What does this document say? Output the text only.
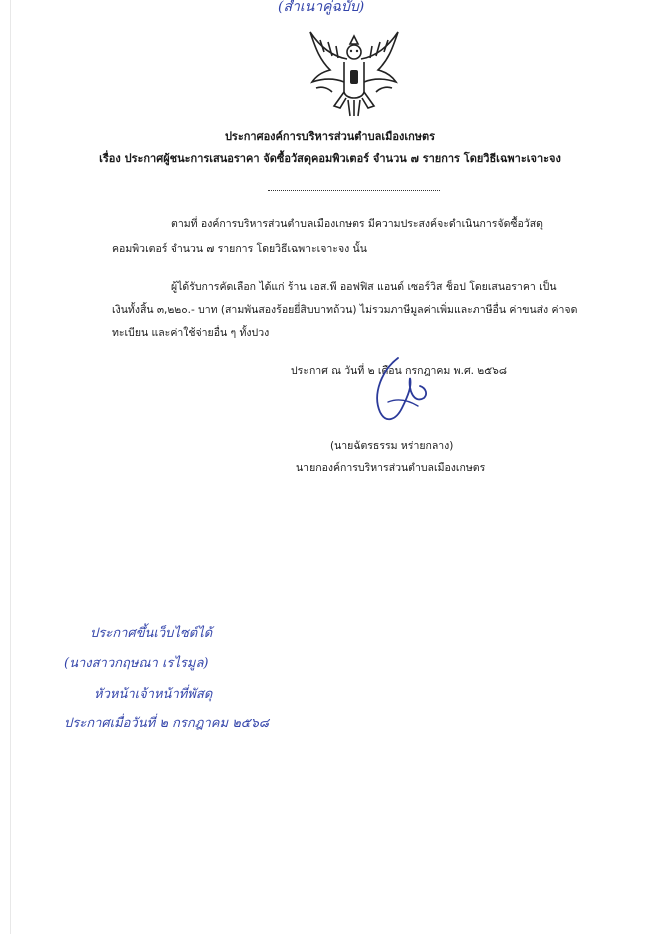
(สำเนาคู่ฉบับ)
ประกาศองค์การบริหารส่วนตำบลเมืองเกษตร
เรื่อง ประกาศผู้ชนะการเสนอราคา จัดซื้อวัสดุคอมพิวเตอร์ จำนวน ๗ รายการ โดยวิธีเฉพาะเจาะจง
ตามที่ องค์การบริหารส่วนตำบลเมืองเกษตร มีความประสงค์จะดำเนินการจัดซื้อวัสดุ
คอมพิวเตอร์ จำนวน ๗ รายการ โดยวิธีเฉพาะเจาะจง นั้น
ผู้ได้รับการคัดเลือก ได้แก่ ร้าน เอส.พี ออฟฟิส แอนด์ เซอร์วิส ช็อป โดยเสนอราคา เป็น
เงินทั้งสิ้น ๓,๒๒๐.- บาท (สามพันสองร้อยยี่สิบบาทถ้วน) ไม่รวมภาษีมูลค่าเพิ่มและภาษีอื่น ค่าขนส่ง ค่าจด
ทะเบียน และค่าใช้จ่ายอื่น ๆ ทั้งปวง
ประกาศ ณ วันที่ ๒ เดือน กรกฎาคม พ.ศ. ๒๕๖๘
(นายฉัตรธรรม หร่ายกลาง)
นายกองค์การบริหารส่วนตำบลเมืองเกษตร
ประกาศขึ้นเว็บไซต์ได้
(นางสาวกฤษณา เรไรมูล)
หัวหน้าเจ้าหน้าที่พัสดุ
ประกาศเมื่อวันที่ ๒ กรกฎาคม ๒๕๖๘
